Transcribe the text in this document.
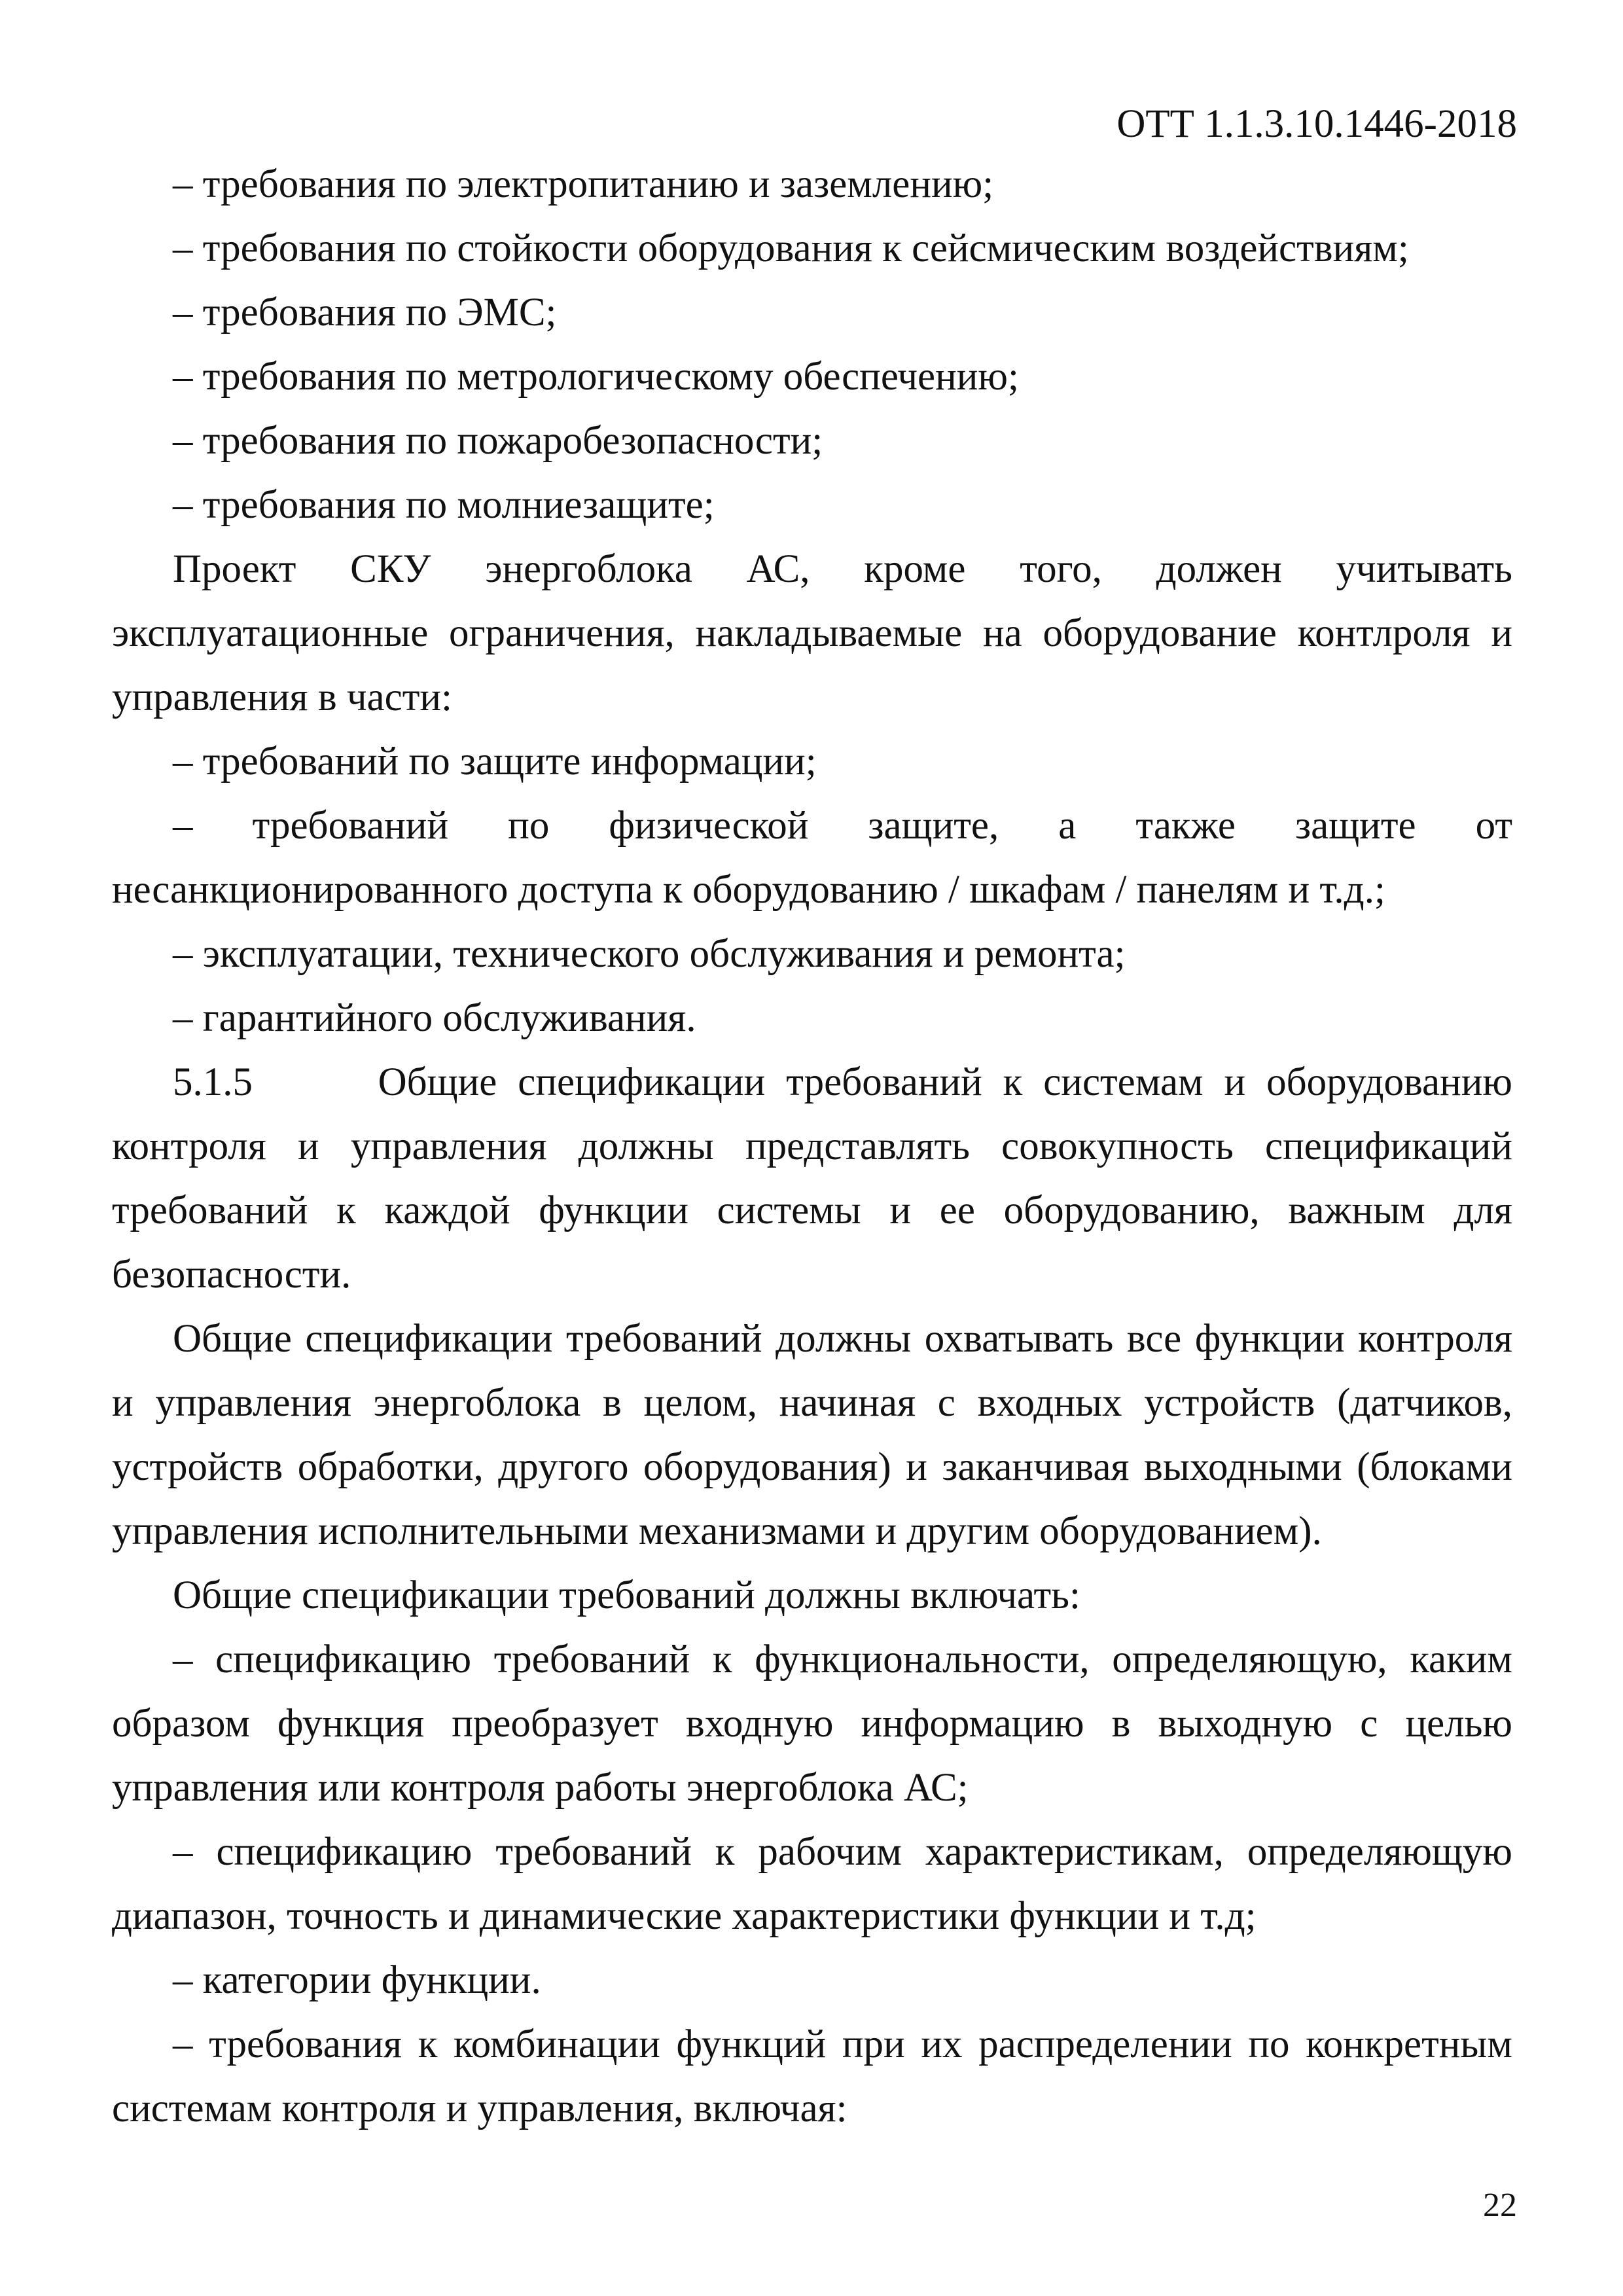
ОТТ 1.1.3.10.1446-2018

– требования по электропитанию и заземлению;

– требования по стойкости оборудования к сейсмическим воздействиям;

– требования по ЭМС;

– требования по метрологическому обеспечению;

– требования по пожаробезопасности;

– требования по молниезащите;

Проект СКУ энергоблока АС, кроме того, должен учитывать эксплуатационные ограничения, накладываемые на оборудование контлроля и управления в части:

– требований по защите информации;

– требований по физической защите, а также защите от несанкционированного доступа к оборудованию / шкафам / панелям и т.д.;

– эксплуатации, технического обслуживания и ремонта;

– гарантийного обслуживания.

5.1.5      Общие спецификации требований к системам и оборудованию контроля и управления должны представлять совокупность спецификаций требований к каждой функции системы и ее оборудованию, важным для безопасности.

Общие спецификации требований должны охватывать все функции контроля и управления энергоблока в целом, начиная с входных устройств (датчиков, устройств обработки, другого оборудования) и заканчивая выходными (блоками управления исполнительными механизмами и другим оборудованием).

Общие спецификации требований должны включать:

– спецификацию требований к функциональности, определяющую, каким образом функция преобразует входную информацию в выходную с целью управления или контроля работы энергоблока АС;

– спецификацию требований к рабочим характеристикам, определяющую диапазон, точность и динамические характеристики функции и т.д;

– категории функции.

– требования к комбинации функций при их распределении по конкретным системам контроля и управления, включая:

22
